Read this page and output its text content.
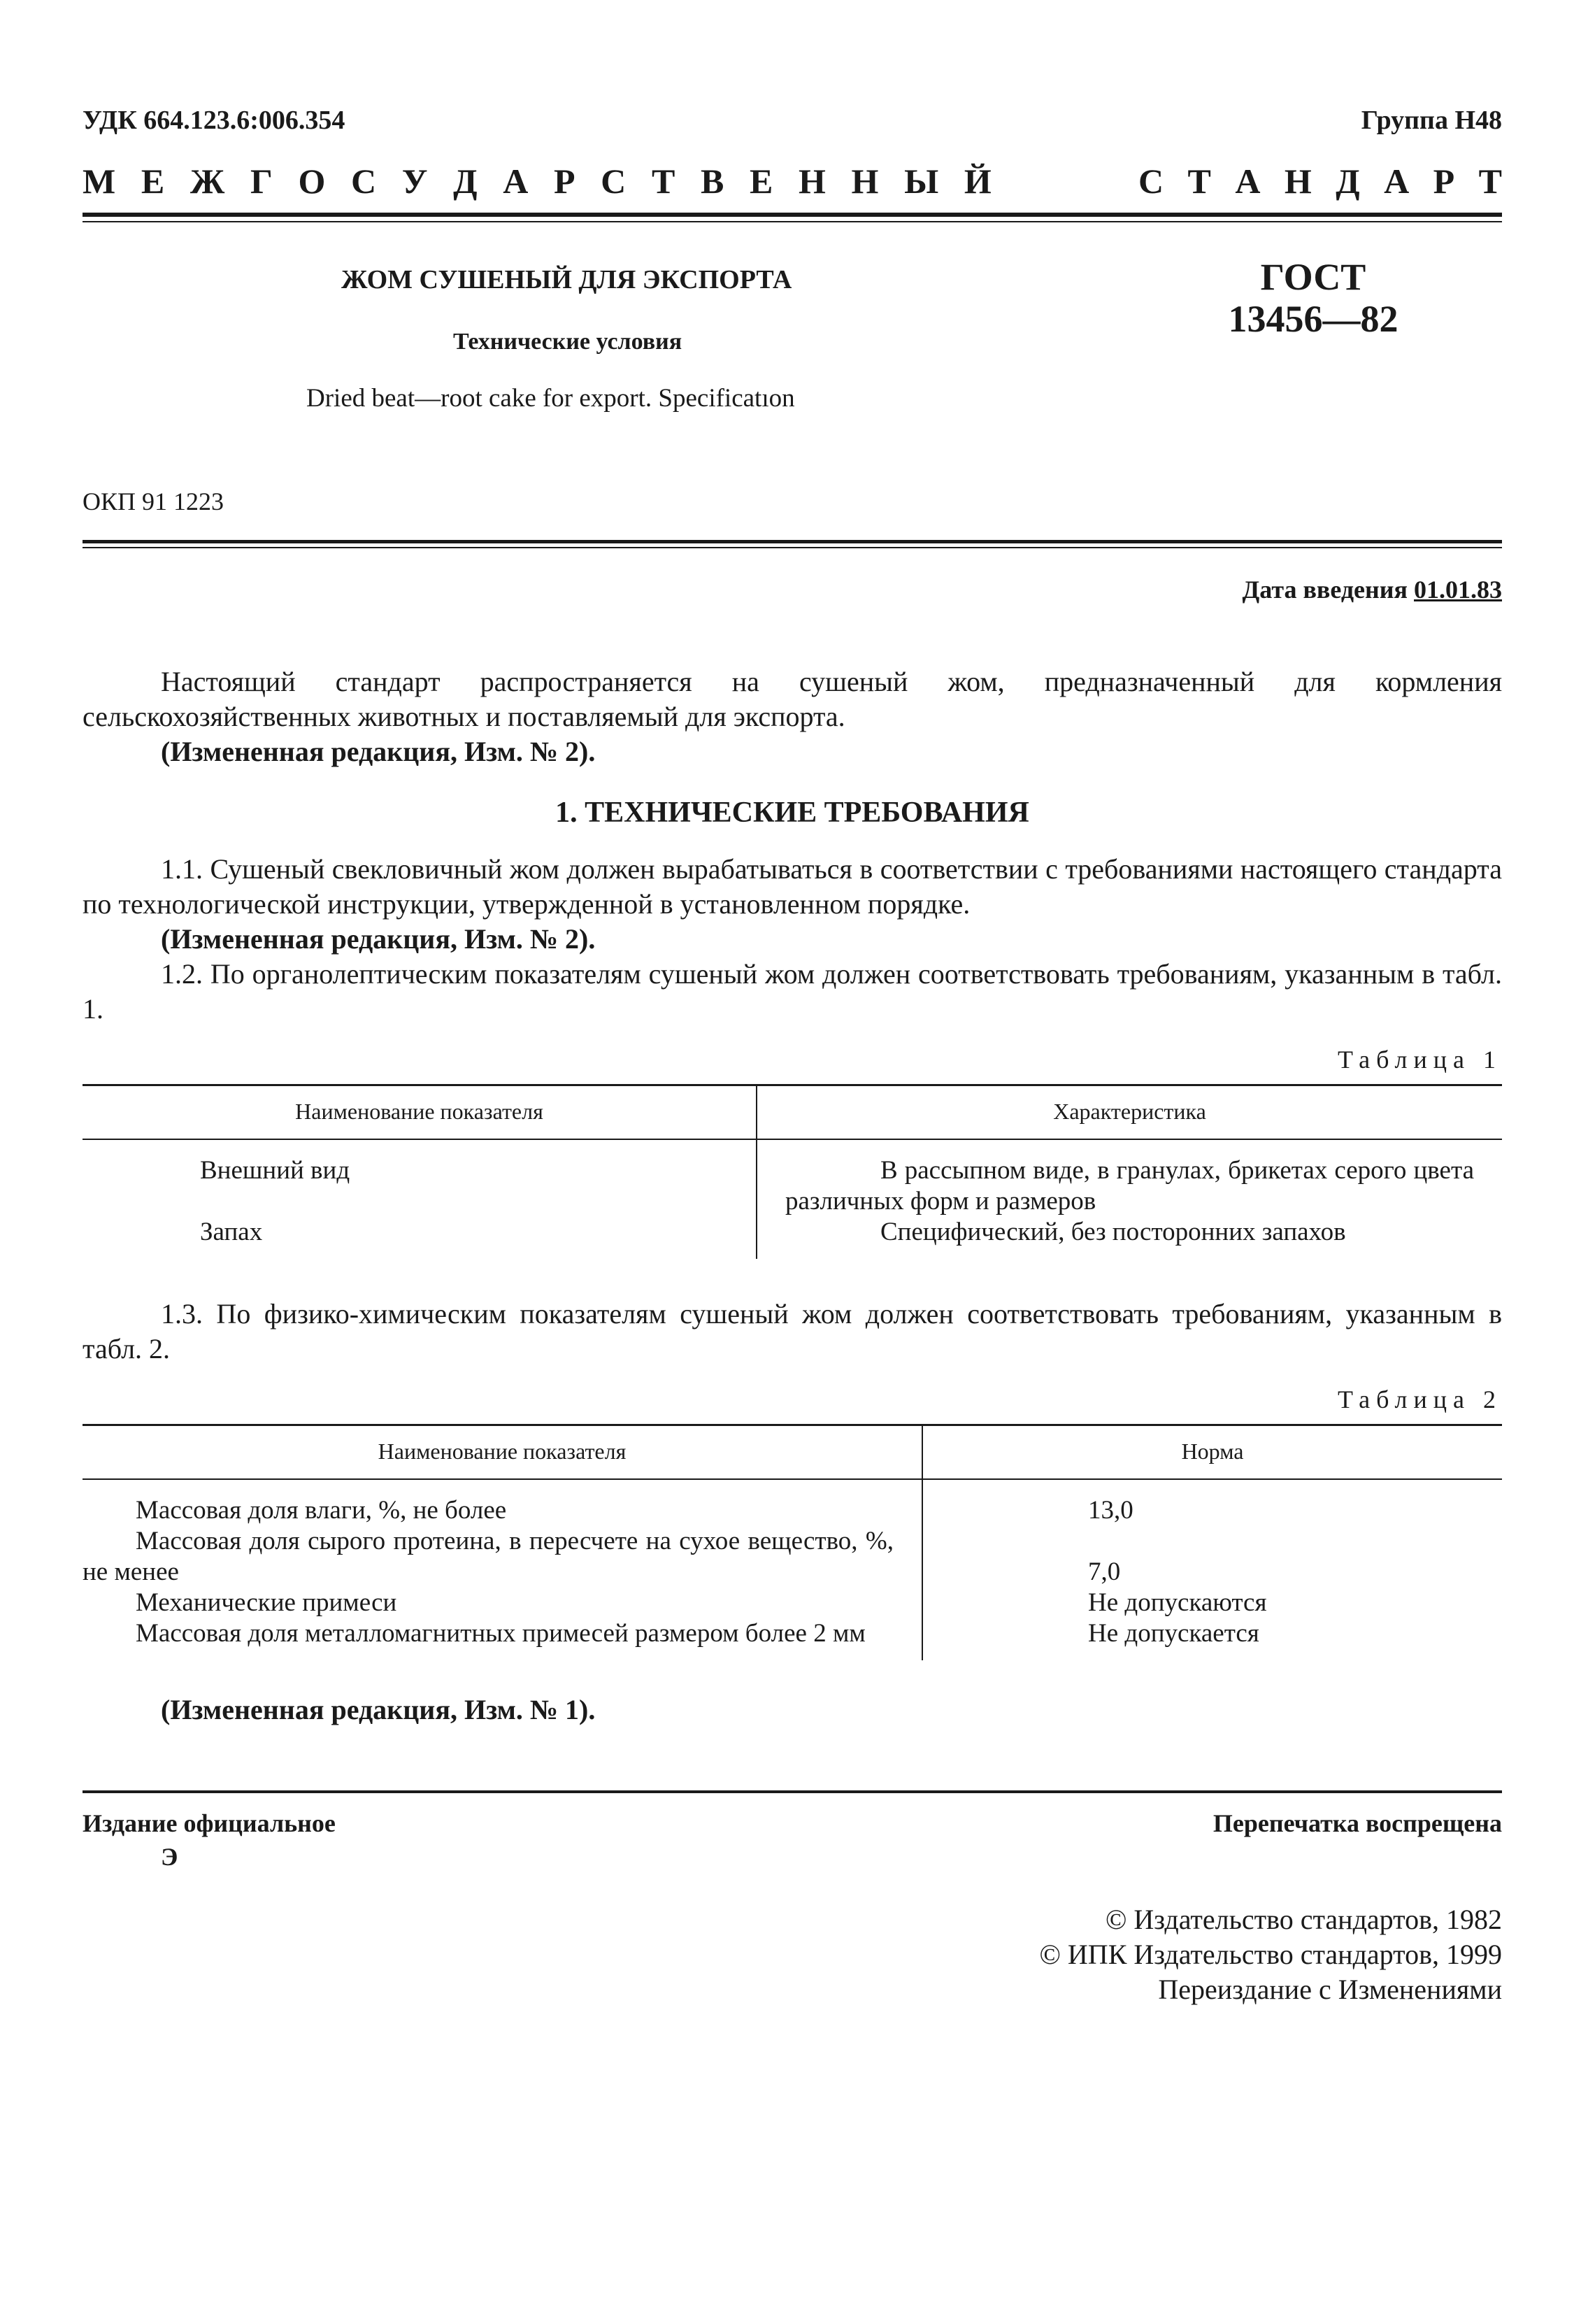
УДК 664.123.6:006.354	Группа Н48
М Е Ж Г О С У Д А Р С Т В Е Н Н Ы Й	С Т А Н Д А Р Т
ЖОМ СУШЕНЫЙ ДЛЯ ЭКСПОРТА
Технические условия
Dried beat—root cake for export. Specificatıon
ГОСТ
13456—82
ОКП 91 1223
Дата введения 01.01.83

Настоящий стандарт распространяется на сушеный жом, предназначенный для кормления сельскохозяйственных животных и поставляемый для экспорта.

(Измененная редакция, Изм. № 2).

1. ТЕХНИЧЕСКИЕ ТРЕБОВАНИЯ

1.1. Сушеный свекловичный жом должен вырабатываться в соответствии с требованиями настоящего стандарта по технологической инструкции, утвержденной в установленном порядке.

(Измененная редакция, Изм. № 2).

1.2. По органолептическим показателям сушеный жом должен соответствовать требованиям, указанным в табл. 1.

Таблица 1
Наименование показателя	Характеристика
Внешний вид	В рассыпном виде, в гранулах, брикетах серого цвета различных форм и размеров

Запах	Специфический, без посторонних запахов

1.3. По физико-химическим показателям сушеный жом должен соответствовать требованиям, указанным в табл. 2.

Таблица 2
Наименование показателя	Норма

Массовая доля влаги, %, не более	13,0

Массовая доля сырого протеина, в пересчете на сухое вещество, %, не менее	7,0

Механические примеси	Не допускаются

Массовая доля металломагнитных примесей размером более 2 мм	Не допускается

(Измененная редакция, Изм. № 1).

Издание официальное	Перепечатка воспрещена
Э
© Издательство стандартов, 1982
© ИПК Издательство стандартов, 1999
Переиздание с Изменениями
